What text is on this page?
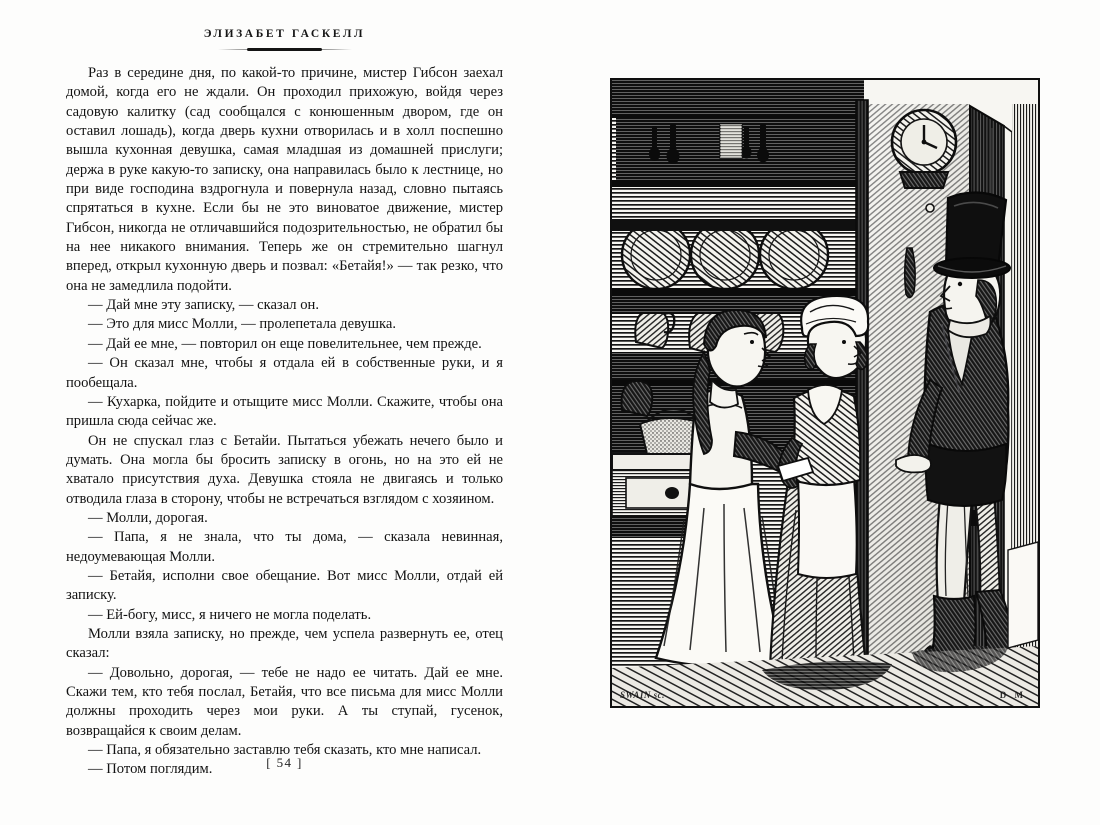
ЭЛИЗАБЕТ ГАСКЕЛЛ

Раз в середине дня, по какой-то причине, мистер Гибсон заехал домой, когда его не ждали. Он проходил прихожую, войдя через садовую калитку (сад сообщался с конюшенным двором, где он оставил лошадь), когда дверь кухни отворилась и в холл поспешно вышла кухонная девушка, самая младшая из домашней прислуги; держа в руке какую-то записку, она направилась было к лестнице, но при виде господина вздрогнула и повернула назад, словно пытаясь спрятаться в кухне. Если бы не это виноватое движение, мистер Гибсон, никогда не отличавшийся подозрительностью, не обратил бы на нее никакого внимания. Теперь же он стремительно шагнул вперед, открыл кухонную дверь и позвал: «Бетайя!» — так резко, что она не замедлила подойти.

— Дай мне эту записку, — сказал он.

— Это для мисс Молли, — пролепетала девушка.

— Дай ее мне, — повторил он еще повелительнее, чем прежде.

— Он сказал мне, чтобы я отдала ей в собственные руки, и я пообещала.

— Кухарка, пойдите и отыщите мисс Молли. Скажите, чтобы она пришла сюда сейчас же.

Он не спускал глаз с Бетайи. Пытаться убежать нечего было и думать. Она могла бы бросить записку в огонь, но на это ей не хватало присутствия духа. Девушка стояла не двигаясь и только отводила глаза в сторону, чтобы не встречаться взглядом с хозяином.

— Молли, дорогая.

— Папа, я не знала, что ты дома, — сказала невинная, недоумевающая Молли.

— Бетайя, исполни свое обещание. Вот мисс Молли, отдай ей записку.

— Ей-богу, мисс, я ничего не могла поделать.

Молли взяла записку, но прежде, чем успела развернуть ее, отец сказал:

— Довольно, дорогая, — тебе не надо ее читать. Дай ее мне. Скажи тем, кто тебя послал, Бетайя, что все письма для мисс Молли должны проходить через мои руки. А ты ступай, гусенок, возвращайся к своим делам.

— Папа, я обязательно заставлю тебя сказать, кто мне написал.

— Потом поглядим.	[ 54 ]
SWAIN sc.	D M
